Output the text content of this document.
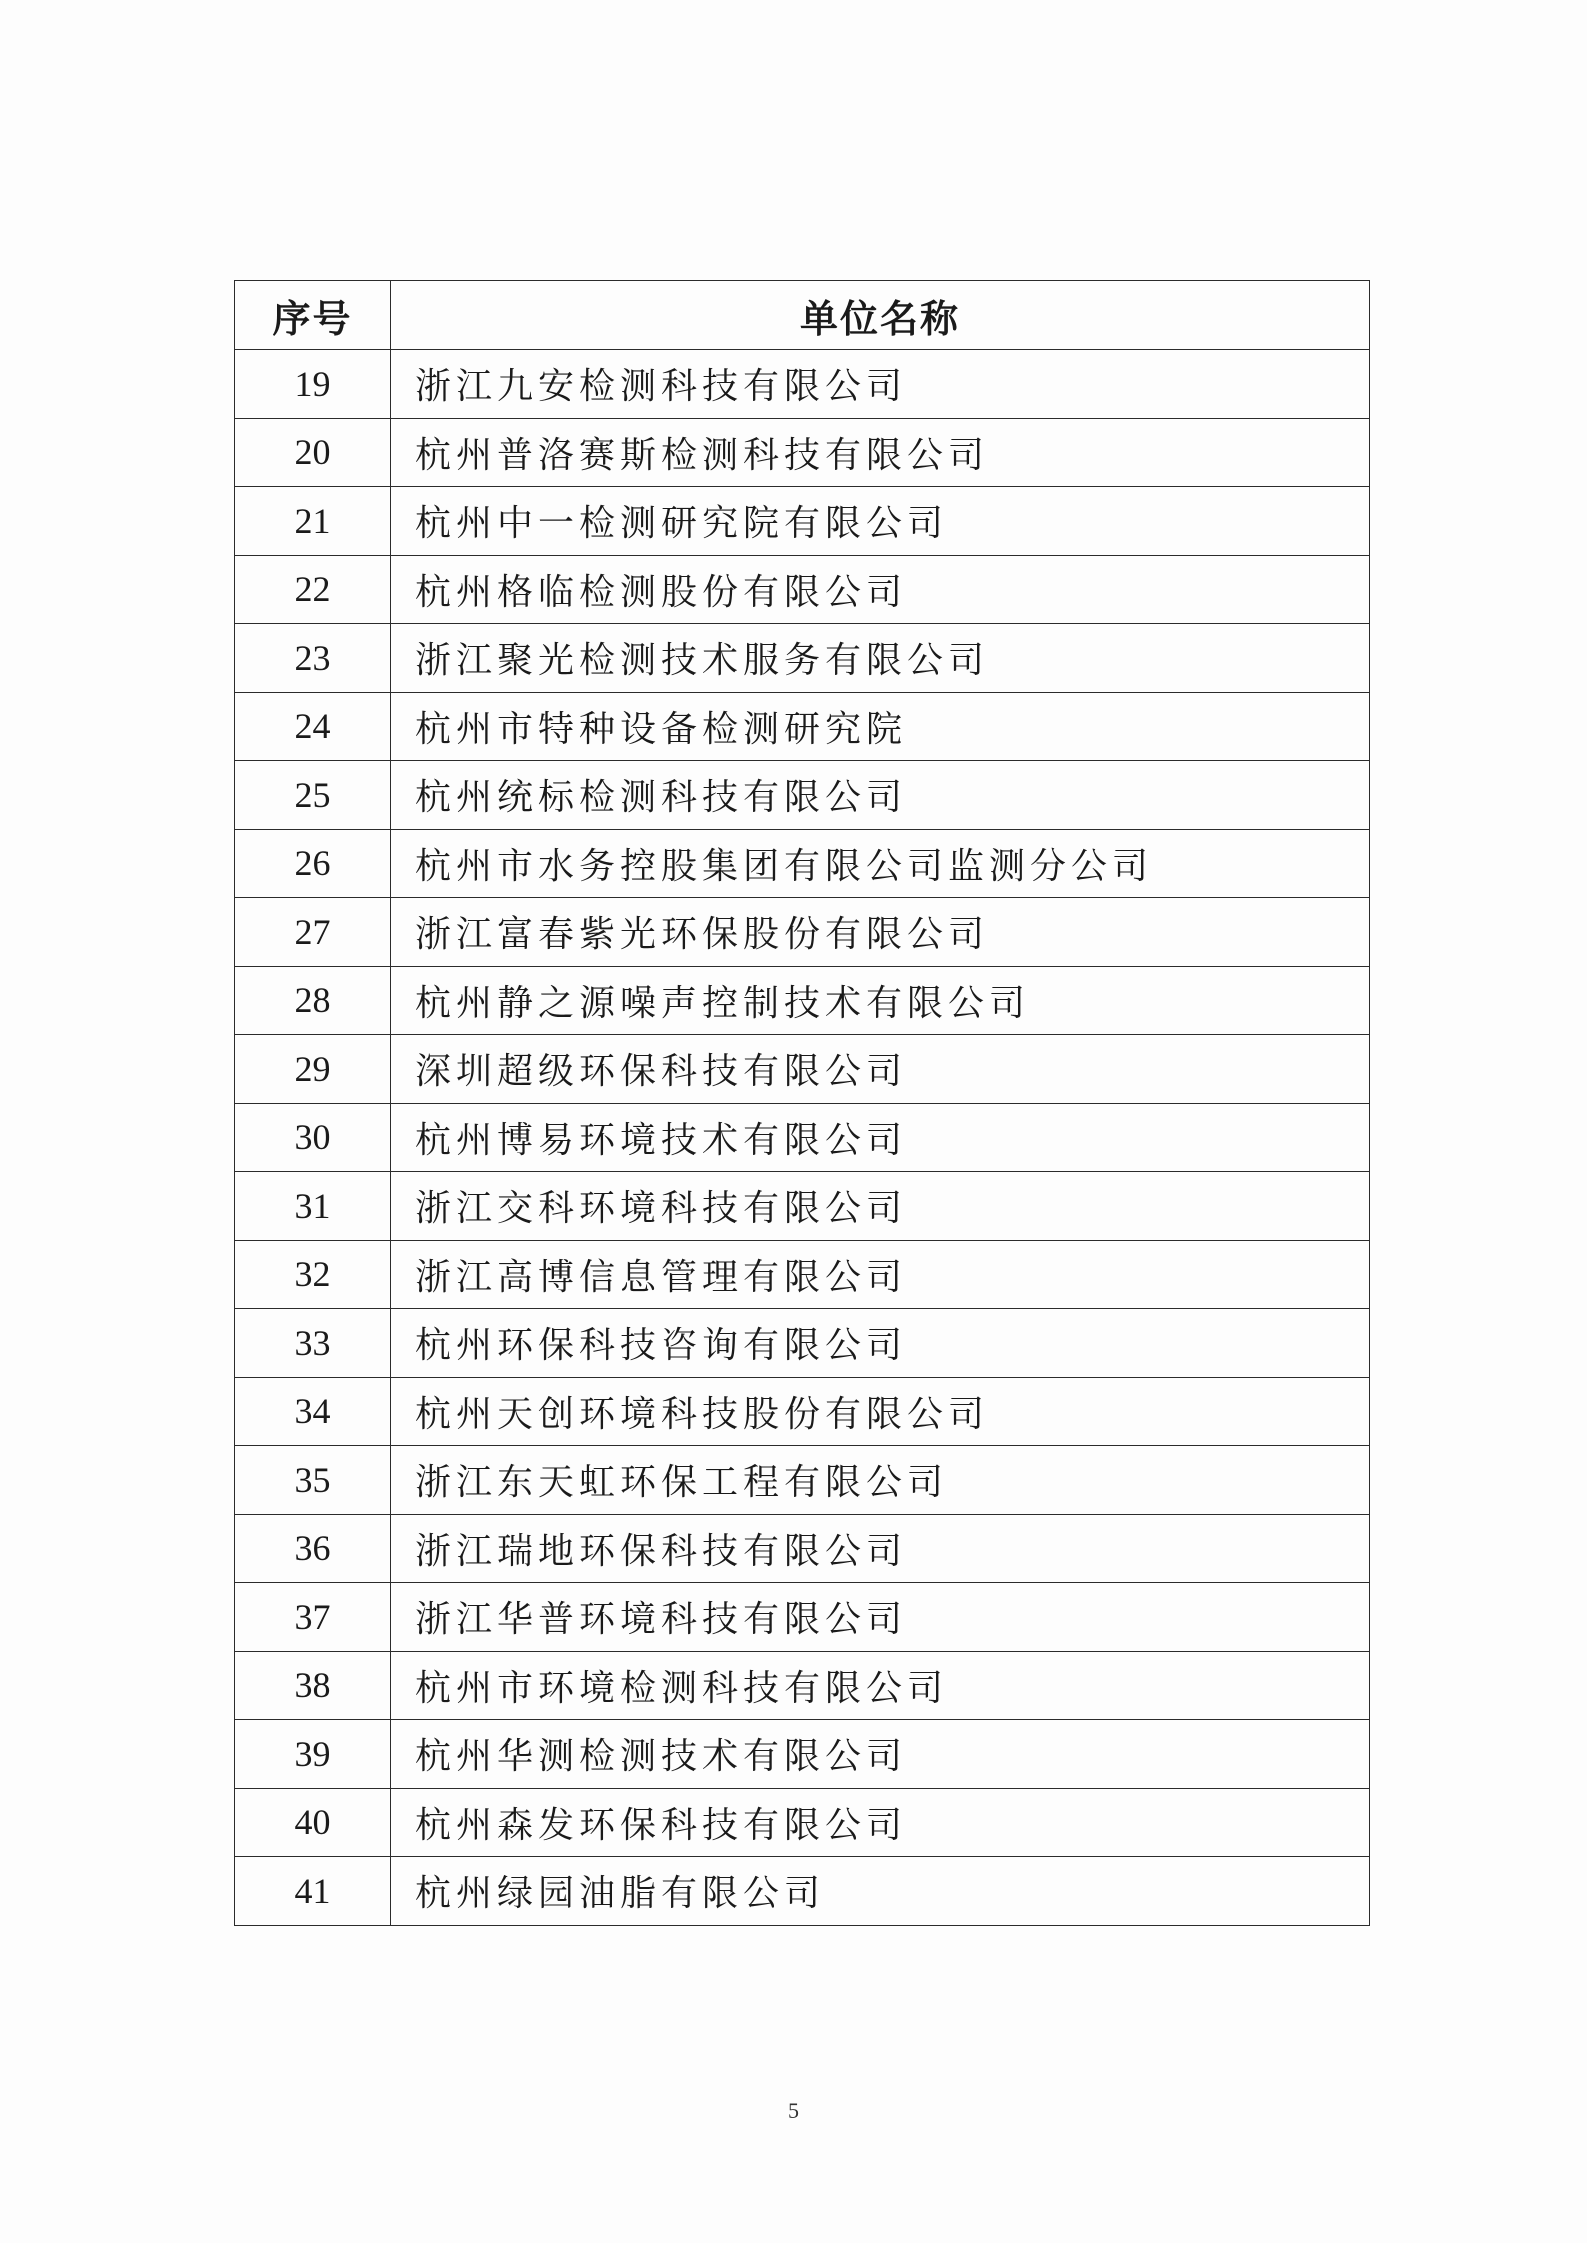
序号	单位名称
19	浙江九安检测科技有限公司
20	杭州普洛赛斯检测科技有限公司
21	杭州中一检测研究院有限公司
22	杭州格临检测股份有限公司
23	浙江聚光检测技术服务有限公司
24	杭州市特种设备检测研究院
25	杭州统标检测科技有限公司
26	杭州市水务控股集团有限公司监测分公司
27	浙江富春紫光环保股份有限公司
28	杭州静之源噪声控制技术有限公司
29	深圳超级环保科技有限公司
30	杭州博易环境技术有限公司
31	浙江交科环境科技有限公司
32	浙江高博信息管理有限公司
33	杭州环保科技咨询有限公司
34	杭州天创环境科技股份有限公司
35	浙江东天虹环保工程有限公司
36	浙江瑞地环保科技有限公司
37	浙江华普环境科技有限公司
38	杭州市环境检测科技有限公司
39	杭州华测检测技术有限公司
40	杭州森发环保科技有限公司
41	杭州绿园油脂有限公司
5
